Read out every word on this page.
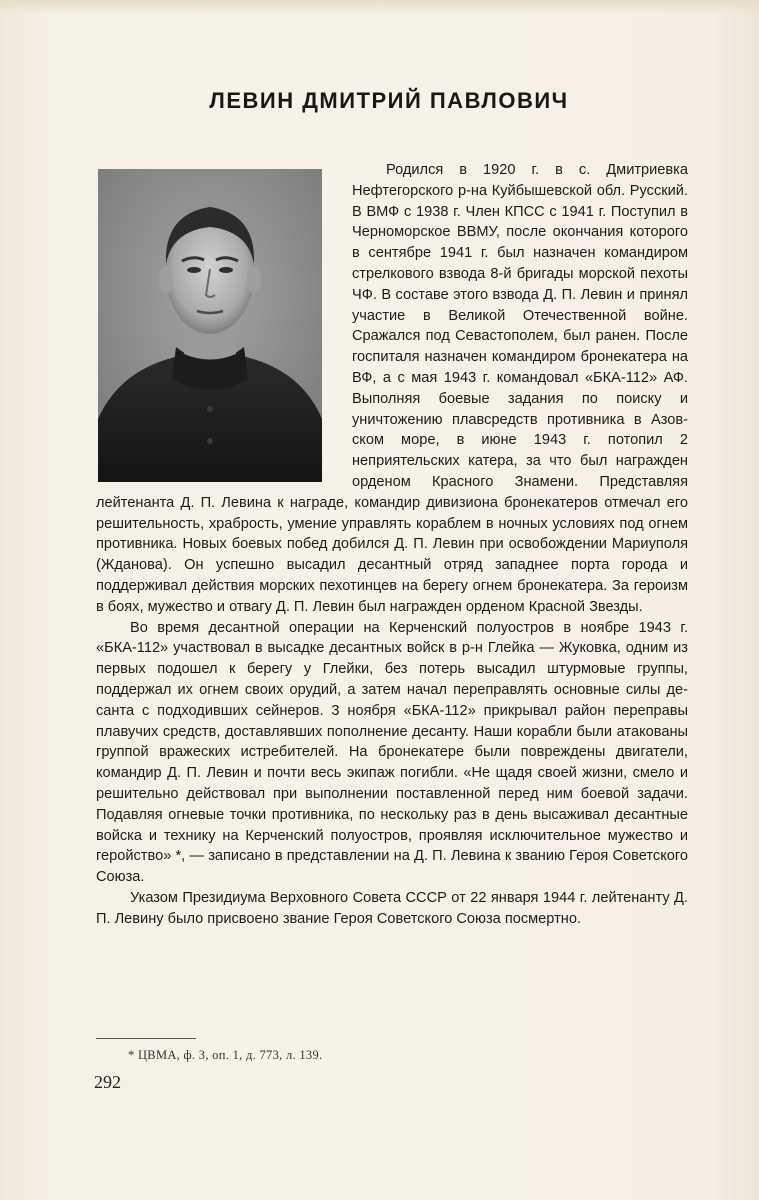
ЛЕВИН ДМИТРИЙ ПАВЛОВИЧ

Родился в 1920 г. в с. Дмитриевка Нефтегорского р-на Куйбышевской обл. Русский. В ВМФ с 1938 г. Член КПСС с 1941 г. Поступил в Черноморское ВВМУ, после окончания которого в сентябре 1941 г. был назначен командиром стрелкового взвода 8-й бригады морской пехоты ЧФ. В составе этого взвода Д. П. Левин и принял участие в Великой Отечественной войне. Сражался под Севастополем, был ранен. После госпиталя назначен командиром бронекатера на ВФ, а с мая 1943 г. командовал «БКА-112» АФ. Выполняя боевые задания по поиску и уничтожению плавсредств противника в Азовском море, в июне 1943 г. потопил 2 неприятельских катера, за что был награжден орденом Красного Знамени. Представляя лейтенанта Д. П. Левина к награде, командир дивизиона бронекатеров отмечал его решительность, храбрость, умение управлять кораблем в ночных условиях под огнем противника. Новых боевых побед добился Д. П. Левин при освобождении Мариуполя (Жданова). Он успешно высадил десантный отряд западнее порта города и поддерживал действия морских пехотинцев на берегу огнем бронекатера. За героизм в боях, мужество и отвагу Д. П. Левин был награжден орденом Красной Звезды.

Во время десантной операции на Керченский полуостров в ноябре 1943 г. «БКА-112» участвовал в высадке десантных войск в р-н Глейка — Жуковка, одним из первых подошел к берегу у Глейки, без потерь высадил штурмовые группы, поддержал их огнем своих орудий, а затем начал переправлять основные силы десанта с подходивших сейнеров. 3 ноября «БКА-112» прикрывал район переправы плавучих средств, доставлявших пополнение десанту. Наши корабли были атакованы группой вражеских истребителей. На бронекатере были повреждены двигатели, командир Д. П. Левин и почти весь экипаж погибли. «Не щадя своей жизни, смело и решительно действовал при выполнении поставленной перед ним боевой задачи. Подавляя огневые точки противника, по нескольку раз в день высаживал десантные войска и технику на Керченский полуостров, проявляя исключительное мужество и геройство» *, — записано в представлении на Д. П. Левина к званию Героя Советского Союза.

Указом Президиума Верховного Совета СССР от 22 января 1944 г. лейтенанту Д. П. Левину было присвоено звание Героя Советского Союза посмертно.

* ЦВМА, ф. 3, оп. 1, д. 773, л. 139.
292
